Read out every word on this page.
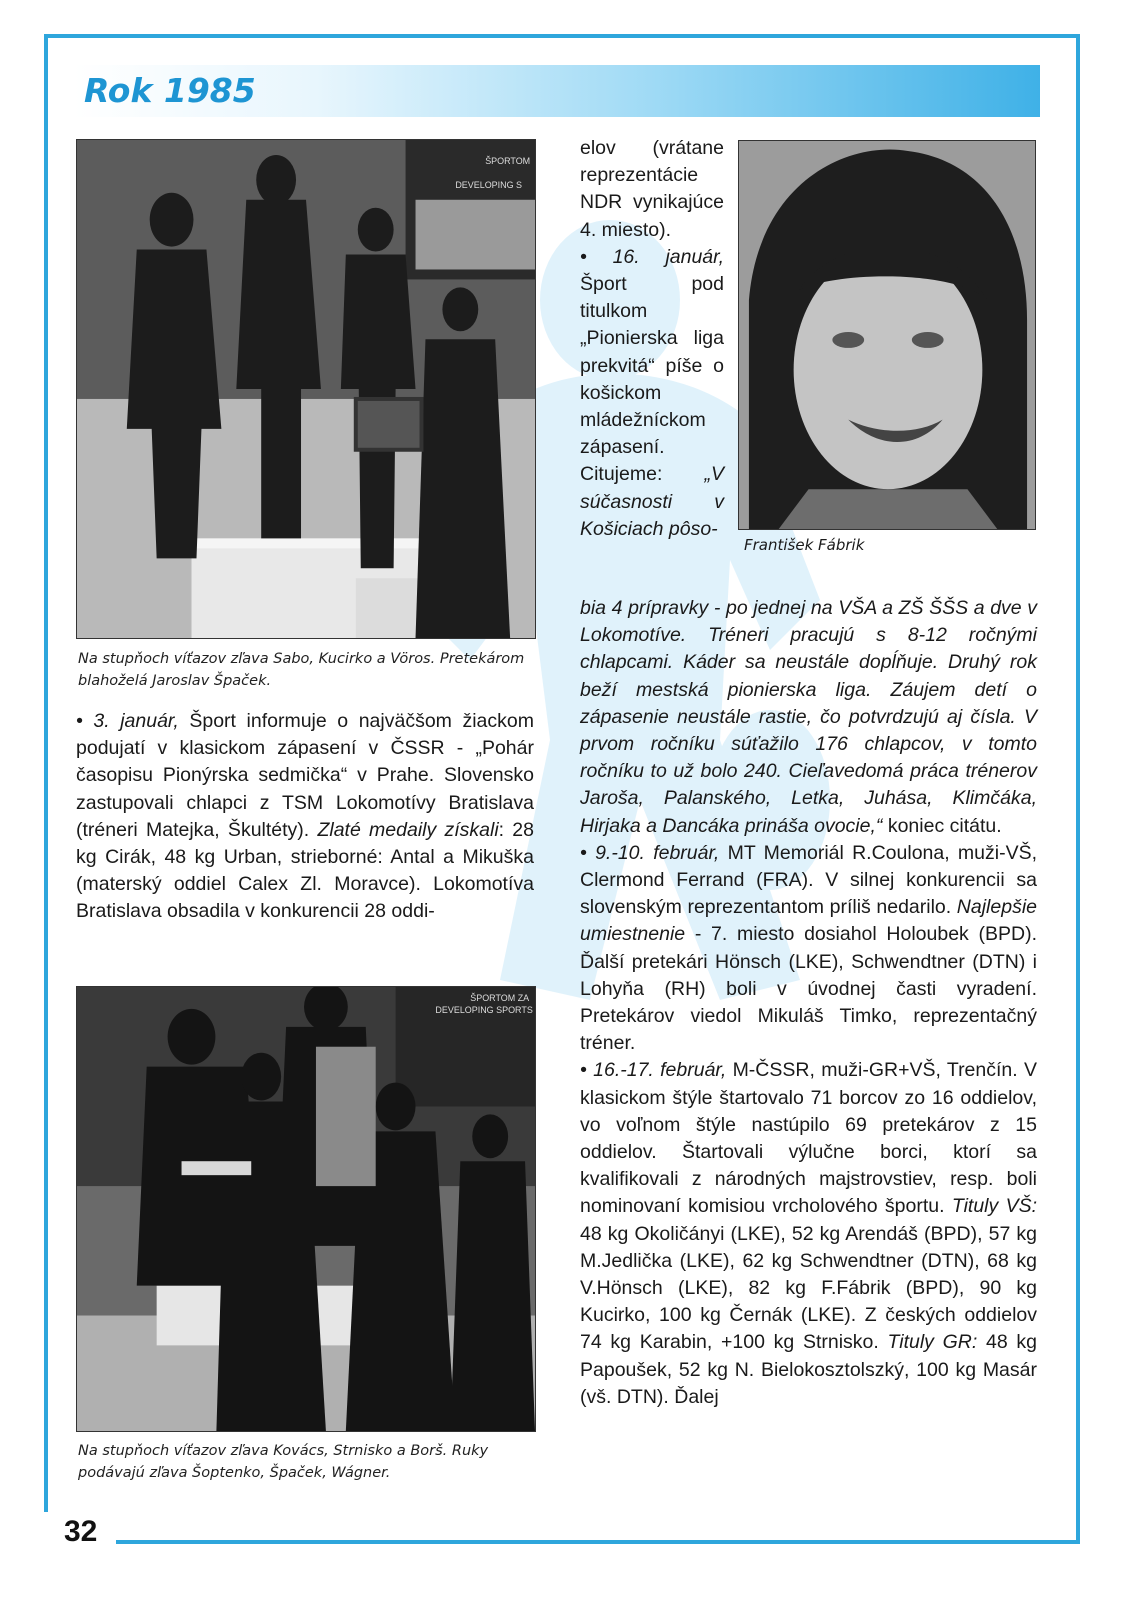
32
Rok 1985
ŠPORTOM
DEVELOPING S
Na stupňoch víťazov zľava Sabo, Kucirko a Vöros. Pretekárom blahoželá Jaroslav Špaček.
František Fábrik
ŠPORTOM ZA
DEVELOPING SPORTS
Na stupňoch víťazov zľava Kovács, Strnisko a Borš. Ruky podávajú zľava Šoptenko, Špaček, Wágner.

• 3. január, Šport informuje o najväčšom žiackom podujatí v klasickom zápasení v ČSSR - „Pohár časopisu Pionýrska sedmička“ v Prahe. Slovensko zastupovali chlapci z TSM Lokomotívy Bratislava (tréneri Matejka, Škultéty). Zlaté medaily získali: 28 kg Cirák, 48 kg Urban, strieborné: Antal a Mikuška (materský oddiel Calex Zl. Moravce). Lokomotíva Bratislava obsadila v konkurencii 28 oddi-

elov (vrátane reprezentácie NDR vynikajúce 4. miesto).

• 16. január, Šport pod titulkom „Pionierska liga prekvitá“ píše o košickom mládežníckom zápasení. Citujeme: „V súčasnosti v Košiciach pôso-

bia 4 prípravky - po jednej na VŠA a ZŠ ŠŠS a dve v Lokomotíve. Tréneri pracujú s 8-12 ročnými chlapcami. Káder sa neustále dopĺňuje. Druhý rok beží mestská pionierska liga. Záujem detí o zápasenie neustále rastie, čo potvrdzujú aj čísla. V prvom ročníku súťažilo 176 chlapcov, v tomto ročníku to už bolo 240. Cieľavedomá práca trénerov Jaroša, Palanského, Letka, Juhása, Klimčáka, Hirjaka a Dancáka prináša ovocie,“ koniec citátu.

• 9.-10. február, MT Memoriál R.Coulona, muži-VŠ, Clermond Ferrand (FRA). V silnej konkurencii sa slovenským reprezentantom príliš nedarilo. Najlepšie umiestnenie - 7. miesto dosiahol Holoubek (BPD). Ďalší pretekári Hönsch (LKE), Schwendtner (DTN) i Lohyňa (RH) boli v úvodnej časti vyradení. Pretekárov viedol Mikuláš Timko, reprezentačný tréner.

• 16.-17. február, M-ČSSR, muži-GR+VŠ, Trenčín. V klasickom štýle štartovalo 71 borcov zo 16 oddielov, vo voľnom štýle nastúpilo 69 pretekárov z 15 oddielov. Štartovali výlučne borci, ktorí sa kvalifikovali z národných majstrovstiev, resp. boli nominovaní komisiou vrcholového športu. Tituly VŠ: 48 kg Okoličányi (LKE), 52 kg Arendáš (BPD), 57 kg M.Jedlička (LKE), 62 kg Schwendtner (DTN), 68 kg V.Hönsch (LKE), 82 kg F.Fábrik (BPD), 90 kg Kucirko, 100 kg Černák (LKE). Z českých oddielov 74 kg Karabin, +100 kg Strnisko. Tituly GR: 48 kg Papoušek, 52 kg N. Bielokosztolszký, 100 kg Masár (vš. DTN). Ďalej
